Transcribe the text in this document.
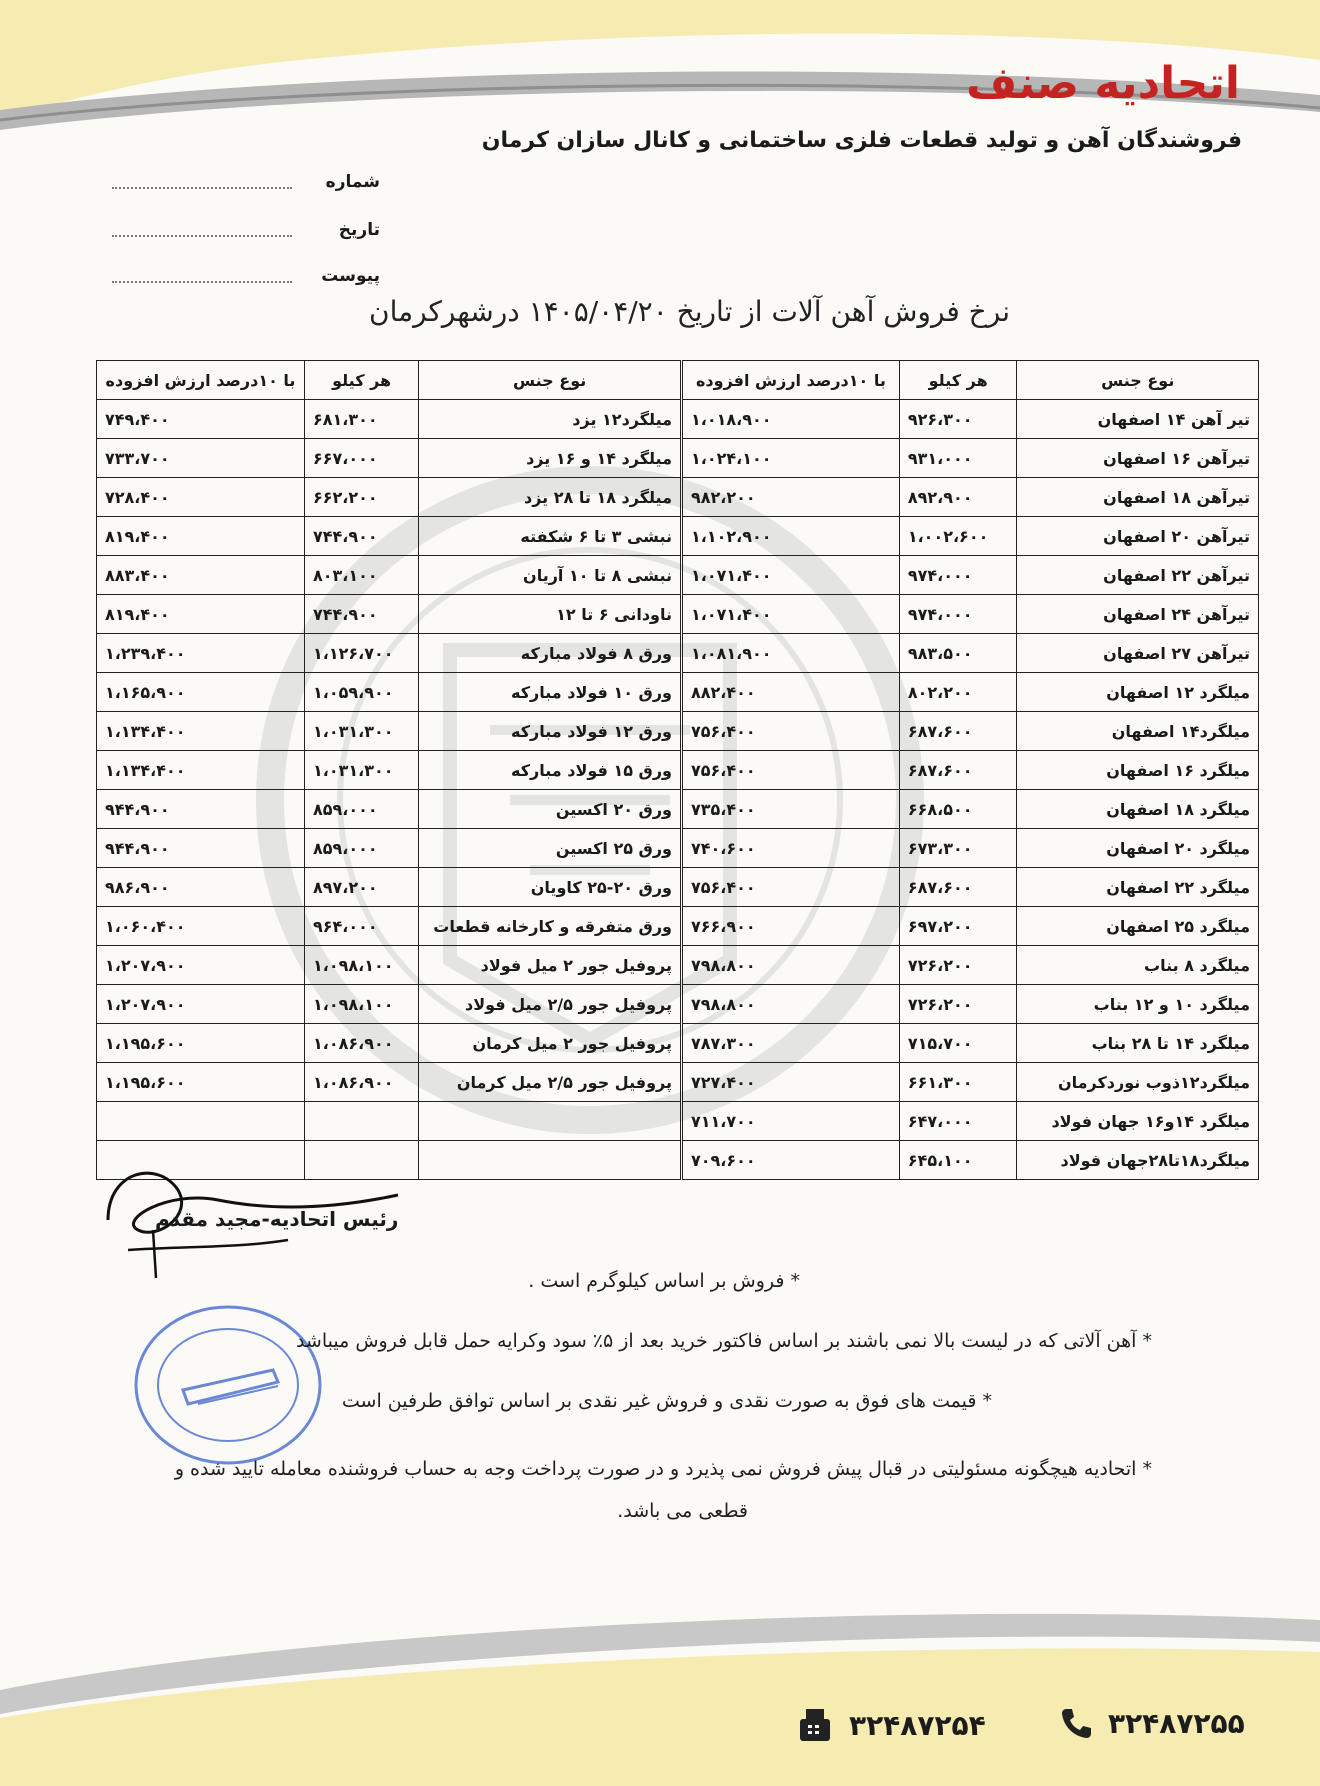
اتحادیه صنف
فروشندگان آهن و تولید قطعات فلزی ساختمانی و کانال سازان کرمان
شماره
تاریخ
پیوست
نرخ فروش آهن آلات از تاریخ ۱۴۰۵/۰۴/۲۰ درشهرکرمان
نوع جنس	هر کیلو	با ۱۰درصد ارزش افزوده
تیر آهن ۱۴ اصفهان	۹۲۶،۳۰۰	۱،۰۱۸،۹۰۰
تیرآهن ۱۶ اصفهان	۹۳۱،۰۰۰	۱،۰۲۴،۱۰۰
تیرآهن ۱۸ اصفهان	۸۹۲،۹۰۰	۹۸۲،۲۰۰
تیرآهن ۲۰ اصفهان	۱،۰۰۲،۶۰۰	۱،۱۰۲،۹۰۰
تیرآهن ۲۲ اصفهان	۹۷۴،۰۰۰	۱،۰۷۱،۴۰۰
تیرآهن ۲۴ اصفهان	۹۷۴،۰۰۰	۱،۰۷۱،۴۰۰
تیرآهن ۲۷ اصفهان	۹۸۳،۵۰۰	۱،۰۸۱،۹۰۰
میلگرد ۱۲ اصفهان	۸۰۲،۲۰۰	۸۸۲،۴۰۰
میلگرد۱۴ اصفهان	۶۸۷،۶۰۰	۷۵۶،۴۰۰
میلگرد ۱۶ اصفهان	۶۸۷،۶۰۰	۷۵۶،۴۰۰
میلگرد ۱۸ اصفهان	۶۶۸،۵۰۰	۷۳۵،۴۰۰
میلگرد ۲۰ اصفهان	۶۷۳،۳۰۰	۷۴۰،۶۰۰
میلگرد ۲۲ اصفهان	۶۸۷،۶۰۰	۷۵۶،۴۰۰
میلگرد ۲۵ اصفهان	۶۹۷،۲۰۰	۷۶۶،۹۰۰
میلگرد ۸ بناب	۷۲۶،۲۰۰	۷۹۸،۸۰۰
میلگرد ۱۰ و ۱۲ بناب	۷۲۶،۲۰۰	۷۹۸،۸۰۰
میلگرد ۱۴ تا ۲۸ بناب	۷۱۵،۷۰۰	۷۸۷،۳۰۰
میلگرد۱۲ذوب نوردکرمان	۶۶۱،۳۰۰	۷۲۷،۴۰۰
میلگرد ۱۴و۱۶ جهان فولاد	۶۴۷،۰۰۰	۷۱۱،۷۰۰
میلگرد۱۸تا۲۸جهان فولاد	۶۴۵،۱۰۰	۷۰۹،۶۰۰
نوع جنس	هر کیلو	با ۱۰درصد ارزش افزوده
میلگرد۱۲ یزد	۶۸۱،۳۰۰	۷۴۹،۴۰۰
میلگرد ۱۴ و ۱۶ یزد	۶۶۷،۰۰۰	۷۳۳،۷۰۰
میلگرد ۱۸ تا ۲۸ یزد	۶۶۲،۲۰۰	۷۲۸،۴۰۰
نبشی ۳ تا ۶ شکفته	۷۴۴،۹۰۰	۸۱۹،۴۰۰
نبشی ۸ تا ۱۰ آریان	۸۰۳،۱۰۰	۸۸۳،۴۰۰
ناودانی ۶ تا ۱۲	۷۴۴،۹۰۰	۸۱۹،۴۰۰
ورق ۸ فولاد مبارکه	۱،۱۲۶،۷۰۰	۱،۲۳۹،۴۰۰
ورق ۱۰ فولاد مبارکه	۱،۰۵۹،۹۰۰	۱،۱۶۵،۹۰۰
ورق ۱۲ فولاد مبارکه	۱،۰۳۱،۳۰۰	۱،۱۳۴،۴۰۰
ورق ۱۵ فولاد مبارکه	۱،۰۳۱،۳۰۰	۱،۱۳۴،۴۰۰
ورق ۲۰ اکسین	۸۵۹،۰۰۰	۹۴۴،۹۰۰
ورق ۲۵ اکسین	۸۵۹،۰۰۰	۹۴۴،۹۰۰
ورق ۲۰-۲۵ کاویان	۸۹۷،۲۰۰	۹۸۶،۹۰۰
ورق متفرقه و کارخانه قطعات	۹۶۴،۰۰۰	۱،۰۶۰،۴۰۰
پروفیل جور ۲ میل فولاد	۱،۰۹۸،۱۰۰	۱،۲۰۷،۹۰۰
پروفیل جور ۲/۵ میل فولاد	۱،۰۹۸،۱۰۰	۱،۲۰۷،۹۰۰
پروفیل جور ۲ میل کرمان	۱،۰۸۶،۹۰۰	۱،۱۹۵،۶۰۰
پروفیل جور ۲/۵ میل کرمان	۱،۰۸۶،۹۰۰	۱،۱۹۵،۶۰۰

رئیس اتحادیه-مجید مقدم
* فروش بر اساس کیلوگرم است .
* آهن آلاتی که در لیست بالا نمی باشند بر اساس فاکتور خرید بعد از ۵٪ سود وکرایه حمل قابل فروش میباشد
* قیمت های فوق به صورت نقدی و فروش غیر نقدی بر اساس توافق طرفین است
* اتحادیه هیچگونه مسئولیتی در قبال پیش فروش نمی پذیرد و در صورت پرداخت وجه به حساب فروشنده معامله تایید شده و
قطعی می باشد.
۳۲۴۸۷۲۵۴	۳۲۴۸۷۲۵۵
